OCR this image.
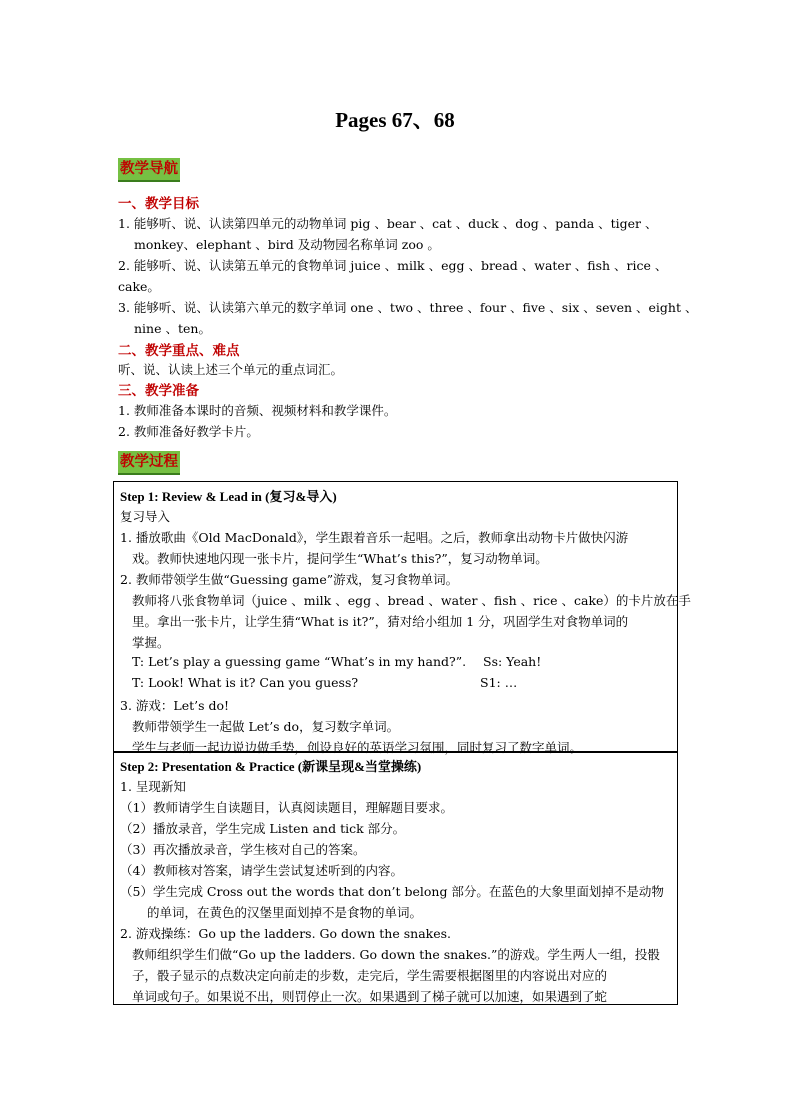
Pages 67、68
教学导航
一、教学目标
1. 能够听、说、认读第四单元的动物单词 pig 、bear 、cat 、duck 、dog 、panda 、tiger 、
monkey、elephant 、bird 及动物园名称单词 zoo 。
2. 能够听、说、认读第五单元的食物单词 juice 、milk 、egg 、bread 、water 、fish 、rice 、
cake。
3. 能够听、说、认读第六单元的数字单词 one 、two 、three 、four 、five 、six 、seven 、eight 、
nine 、ten。
二、教学重点、难点
听、说、认读上述三个单元的重点词汇。
三、教学准备
1. 教师准备本课时的音频、视频材料和教学课件。
2. 教师准备好教学卡片。
教学过程
Step 1: Review & Lead in (复习&导入)
复习导入
1. 播放歌曲《Old MacDonald》，学生跟着音乐一起唱。之后，教师拿出动物卡片做快闪游
戏。教师快速地闪现一张卡片，提问学生“What’s this?”，复习动物单词。
2. 教师带领学生做“Guessing game”游戏，复习食物单词。
教师将八张食物单词（juice 、milk 、egg 、bread 、water 、fish 、rice 、cake）的卡片放在手
里。拿出一张卡片，让学生猜“What is it?”，猜对给小组加 1 分，巩固学生对食物单词的
掌握。
T: Let’s play a guessing game “What’s in my hand?”. Ss: Yeah!
T: Look! What is it? Can you guess?	S1: …
3. 游戏：Let’s do!
教师带领学生一起做 Let’s do，复习数字单词。
学生与老师一起边说边做手势，创设良好的英语学习氛围，同时复习了数字单词。
Step 2: Presentation & Practice (新课呈现&当堂操练)
1. 呈现新知
（1）教师请学生自读题目，认真阅读题目，理解题目要求。
（2）播放录音，学生完成 Listen and tick 部分。
（3）再次播放录音，学生核对自己的答案。
（4）教师核对答案，请学生尝试复述听到的内容。
（5）学生完成 Cross out the words that don’t belong 部分。在蓝色的大象里面划掉不是动物
的单词，在黄色的汉堡里面划掉不是食物的单词。
2. 游戏操练：Go up the ladders. Go down the snakes.
教师组织学生们做“Go up the ladders. Go down the snakes.”的游戏。学生两人一组，投骰
子，骰子显示的点数决定向前走的步数，走完后，学生需要根据图里的内容说出对应的
单词或句子。如果说不出，则罚停止一次。如果遇到了梯子就可以加速，如果遇到了蛇
